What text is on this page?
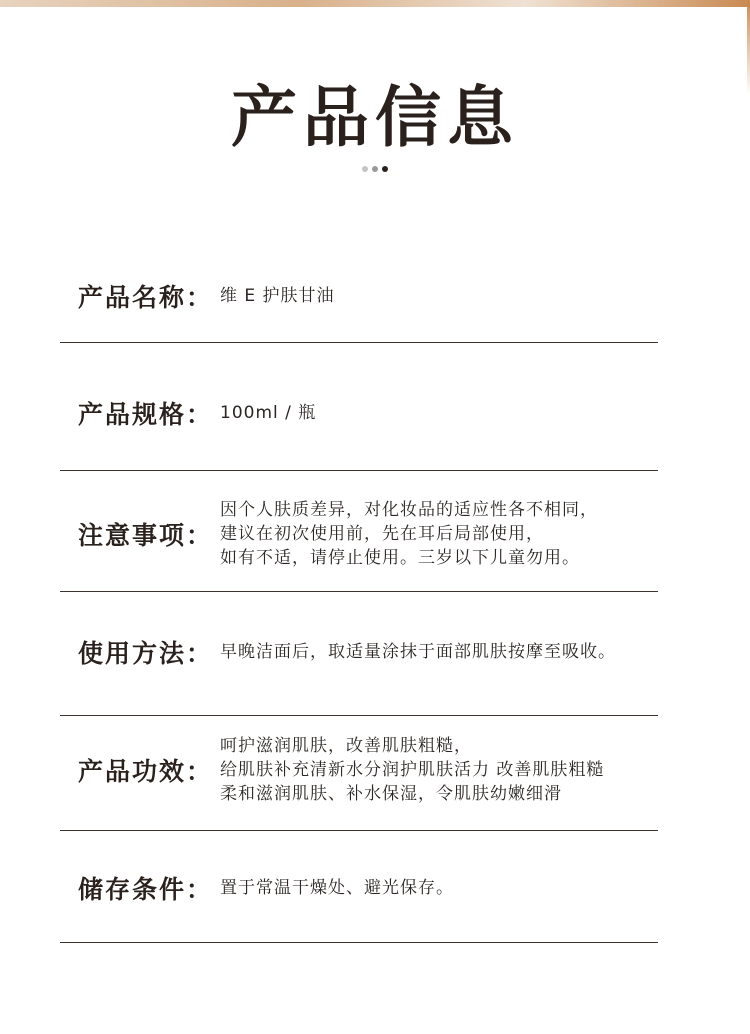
产品信息
产品名称： 维 E 护肤甘油
产品规格： 100ml / 瓶
注意事项：
因个人肤质差异，对化妆品的适应性各不相同，
建议在初次使用前，先在耳后局部使用，
如有不适，请停止使用。三岁以下儿童勿用。
使用方法： 早晚洁面后，取适量涂抹于面部肌肤按摩至吸收。
产品功效：
呵护滋润肌肤，改善肌肤粗糙，
给肌肤补充清新水分润护肌肤活力 改善肌肤粗糙
柔和滋润肌肤、补水保湿，令肌肤幼嫩细滑
储存条件： 置于常温干燥处、避光保存。
